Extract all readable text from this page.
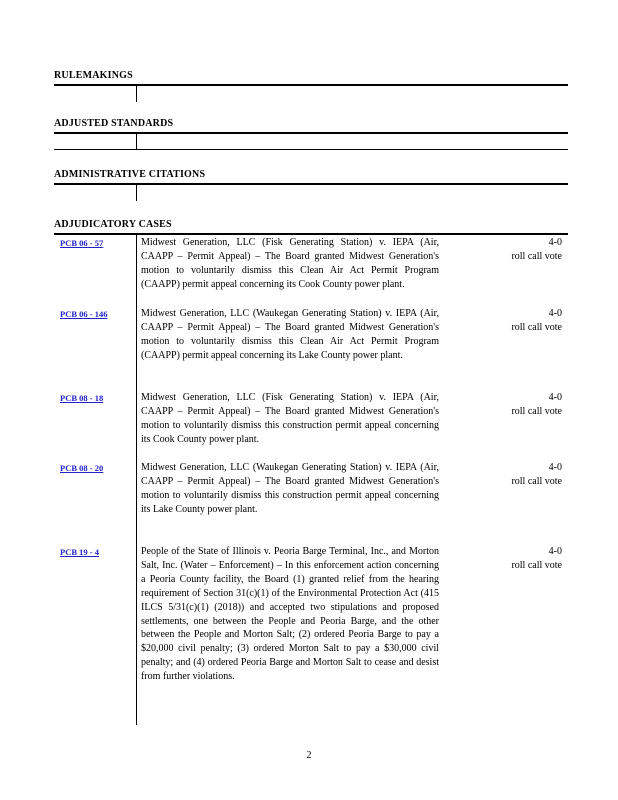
RULEMAKINGS
ADJUSTED STANDARDS
ADMINISTRATIVE CITATIONS
ADJUDICATORY CASES
PCB 06 - 57	Midwest Generation, LLC (Fisk Generating Station) v. IEPA (Air, CAAPP – Permit Appeal) – The Board granted Midwest Generation's motion to voluntarily dismiss this Clean Air Act Permit Program (CAAPP) permit appeal concerning its Cook County power plant.
4-0
roll call vote
PCB 06 - 146	Midwest Generation, LLC (Waukegan Generating Station) v. IEPA (Air, CAAPP – Permit Appeal) – The Board granted Midwest Generation's motion to voluntarily dismiss this Clean Air Act Permit Program (CAAPP) permit appeal concerning its Lake County power plant.
4-0
roll call vote
PCB 08 - 18	Midwest Generation, LLC (Fisk Generating Station) v. IEPA (Air, CAAPP – Permit Appeal) – The Board granted Midwest Generation's motion to voluntarily dismiss this construction permit appeal concerning its Cook County power plant.
4-0
roll call vote
PCB 08 - 20	Midwest Generation, LLC (Waukegan Generating Station) v. IEPA (Air, CAAPP – Permit Appeal) – The Board granted Midwest Generation's motion to voluntarily dismiss this construction permit appeal concerning its Lake County power plant.
4-0
roll call vote
PCB 19 - 4	People of the State of Illinois v. Peoria Barge Terminal, Inc., and Morton Salt, Inc. (Water – Enforcement) – In this enforcement action concerning a Peoria County facility, the Board (1) granted relief from the hearing requirement of Section 31(c)(1) of the Environmental Protection Act (415 ILCS 5/31(c)(1) (2018)) and accepted two stipulations and proposed settlements, one between the People and Peoria Barge, and the other between the People and Morton Salt; (2) ordered Peoria Barge to pay a $20,000 civil penalty; (3) ordered Morton Salt to pay a $30,000 civil penalty; and (4) ordered Peoria Barge and Morton Salt to cease and desist from further violations.
4-0
roll call vote
2
